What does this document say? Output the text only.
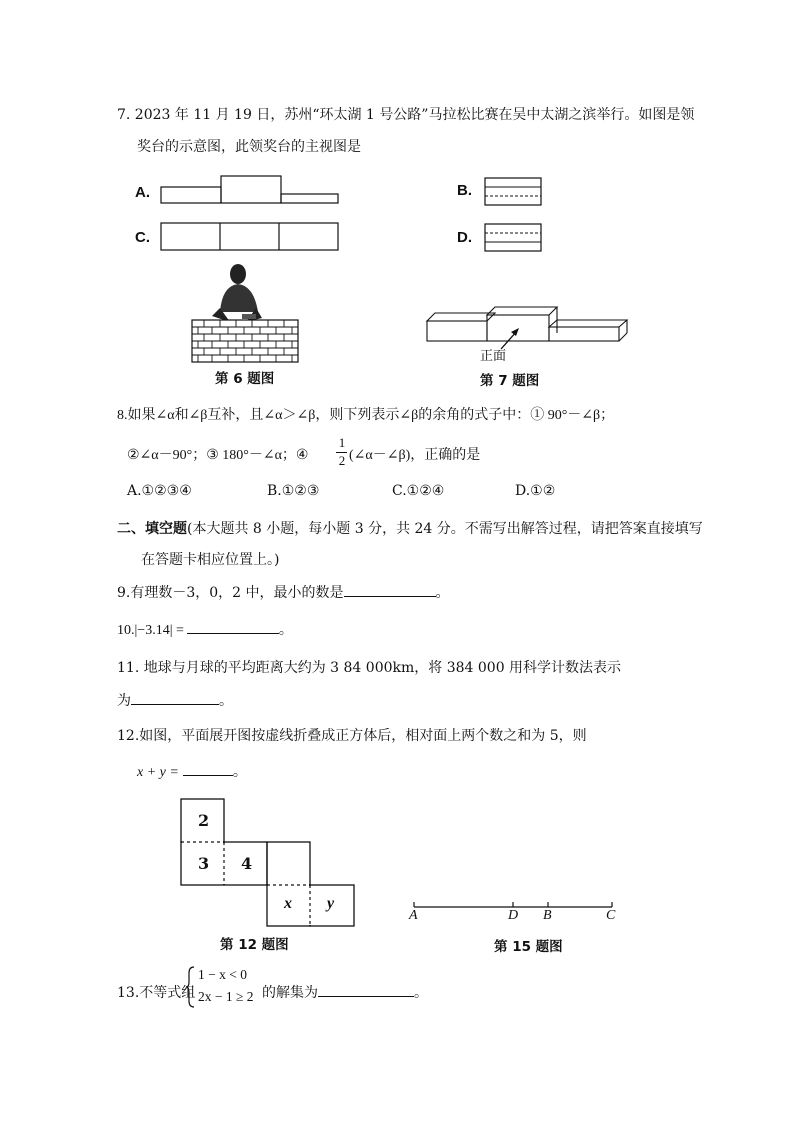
7. 2023 年 11 月 19 日，苏州“环太湖 1 号公路”马拉松比赛在吴中太湖之滨举行。如图是领
奖台的示意图，此领奖台的主视图是
A.	B.
C.	D.
第 6 题图
正面
第 7 题图
8.如果∠α和∠β互补，且∠α＞∠β，则下列表示∠β的余角的式子中：① 90°－∠β；
②∠α－90°；③ 180°－∠α；④
1
2 (∠α－∠β)，正确的是
A.①②③④	B.①②③	C.①②④	D.①②
二、填空题(本大题共 8 小题，每小题 3 分，共 24 分。不需写出解答过程，请把答案直接填写
在答题卡相应位置上。)
9.有理数－3，0，2 中，最小的数是	。
10.|−3.14| =	。
11. 地球与月球的平均距离大约为 3 84 000km，将 384 000 用科学计数法表示
为	。
12.如图，平面展开图按虚线折叠成正方体后，相对面上两个数之和为 5，则
x + y =	。
2
3 4
x y
第 12 题图
A	D B	C
第 15 题图
13.不等式组
1 − x < 0
2x − 1 ≥ 2 的解集为	。
